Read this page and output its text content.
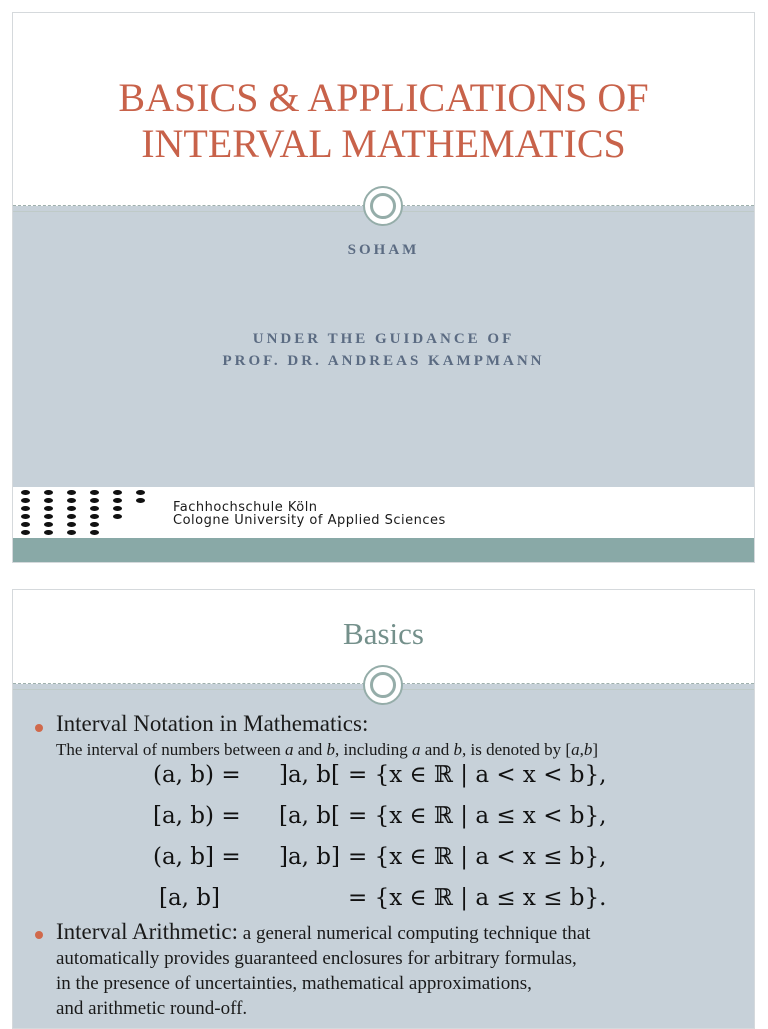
BASICS & APPLICATIONS OF
INTERVAL MATHEMATICS
SOHAM
UNDER THE GUIDANCE OF
PROF. DR. ANDREAS KAMPMANN
Fachhochschule Köln
Cologne University of Applied Sciences
Basics
Interval Notation in Mathematics:
The interval of numbers between a and b, including a and b, is denoted by [a,b]
(a, b) = ]a, b[ = {x ∈ ℝ | a < x < b},
[a, b) = [a, b[ = {x ∈ ℝ | a ≤ x < b},
(a, b] = ]a, b] = {x ∈ ℝ | a < x ≤ b},
[a, b]	= {x ∈ ℝ | a ≤ x ≤ b}.
Interval Arithmetic: a general numerical computing technique that
automatically provides guaranteed enclosures for arbitrary formulas,
in the presence of uncertainties, mathematical approximations,
and arithmetic round-off.
